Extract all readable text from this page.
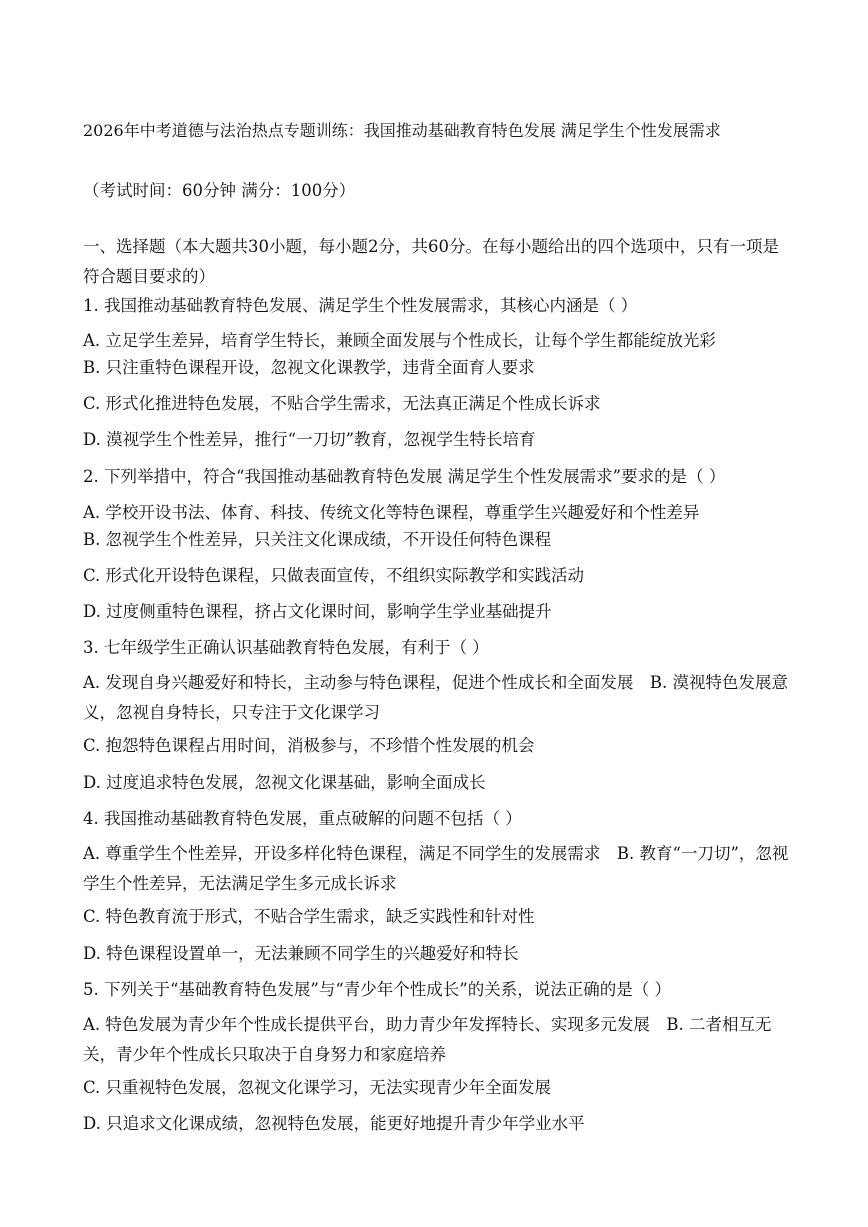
2026年中考道德与法治热点专题训练：我国推动基础教育特色发展 满足学生个性发展需求
（考试时间：60分钟 满分：100分）
一、选择题（本大题共30小题，每小题2分，共60分。在每小题给出的四个选项中，只有一项是符合题目要求的）
1. 我国推动基础教育特色发展、满足学生个性发展需求，其核心内涵是（ ）
A. 立足学生差异，培育学生特长，兼顾全面发展与个性成长，让每个学生都能绽放光彩
B. 只注重特色课程开设，忽视文化课教学，违背全面育人要求
C. 形式化推进特色发展，不贴合学生需求，无法真正满足个性成长诉求
D. 漠视学生个性差异，推行“一刀切”教育，忽视学生特长培育
2. 下列举措中，符合“我国推动基础教育特色发展 满足学生个性发展需求”要求的是（ ）
A. 学校开设书法、体育、科技、传统文化等特色课程，尊重学生兴趣爱好和个性差异
B. 忽视学生个性差异，只关注文化课成绩，不开设任何特色课程
C. 形式化开设特色课程，只做表面宣传，不组织实际教学和实践活动
D. 过度侧重特色课程，挤占文化课时间，影响学生学业基础提升
3. 七年级学生正确认识基础教育特色发展，有利于（ ）
A. 发现自身兴趣爱好和特长，主动参与特色课程，促进个性成长和全面发展　B. 漠视特色发展意义，忽视自身特长，只专注于文化课学习
C. 抱怨特色课程占用时间，消极参与，不珍惜个性发展的机会
D. 过度追求特色发展，忽视文化课基础，影响全面成长
4. 我国推动基础教育特色发展，重点破解的问题不包括（ ）
A. 尊重学生个性差异，开设多样化特色课程，满足不同学生的发展需求　B. 教育“一刀切”，忽视学生个性差异，无法满足学生多元成长诉求
C. 特色教育流于形式，不贴合学生需求，缺乏实践性和针对性
D. 特色课程设置单一，无法兼顾不同学生的兴趣爱好和特长
5. 下列关于“基础教育特色发展”与“青少年个性成长”的关系，说法正确的是（ ）
A. 特色发展为青少年个性成长提供平台，助力青少年发挥特长、实现多元发展　B. 二者相互无关，青少年个性成长只取决于自身努力和家庭培养
C. 只重视特色发展，忽视文化课学习，无法实现青少年全面发展
D. 只追求文化课成绩，忽视特色发展，能更好地提升青少年学业水平
